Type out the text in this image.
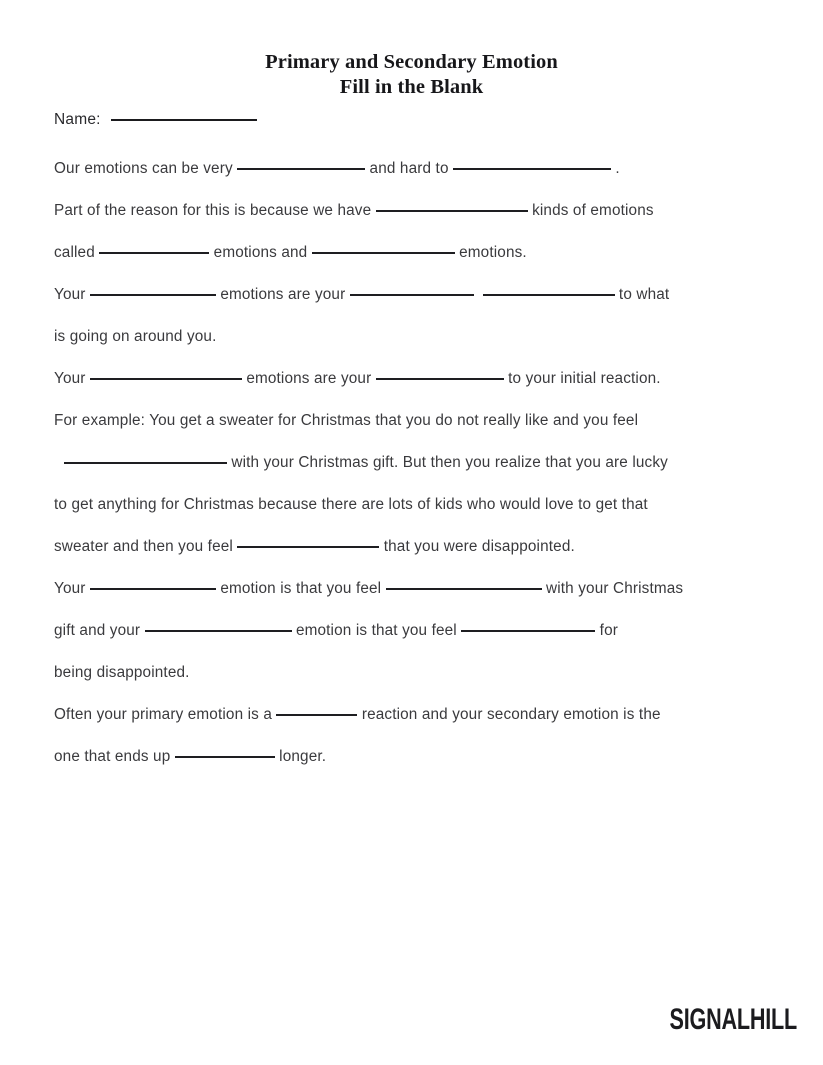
Primary and Secondary Emotion
Fill in the Blank
Name:
Our emotions can be very	and hard to	.
Part of the reason for this is because we have	kinds of emotions
called	emotions and	emotions.
Your	emotions are your
	to what
is going on around you.
Your	emotions are your	to your initial reaction.
For example: You get a sweater for Christmas that you do not really like and you feel
with your Christmas gift. But then you realize that you are lucky
to get anything for Christmas because there are lots of kids who would love to get that
sweater and then you feel	that you were disappointed.
Your	emotion is that you feel	with your Christmas
gift and your	emotion is that you feel	for
being disappointed.
Often your primary emotion is a	reaction and your secondary emotion is the
one that ends up	longer.
SIGNALHILL
